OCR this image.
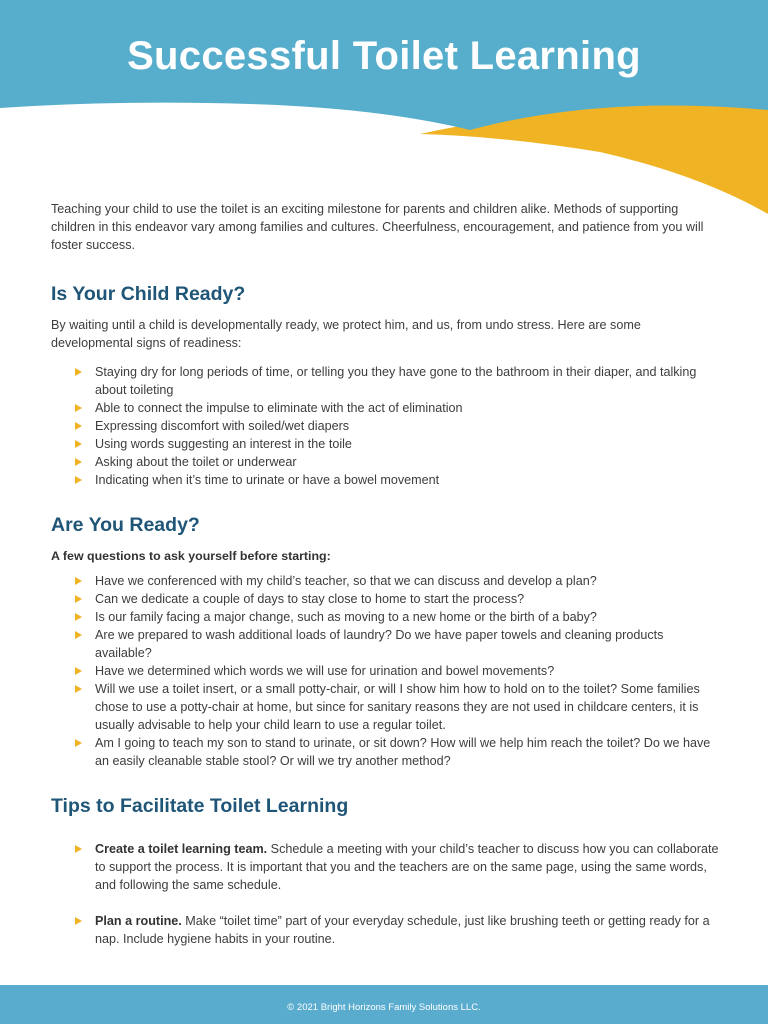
Successful Toilet Learning

Teaching your child to use the toilet is an exciting milestone for parents and children alike. Methods of supporting children in this endeavor vary among families and cultures. Cheerfulness, encouragement, and patience from you will foster success.

Is Your Child Ready?

By waiting until a child is developmentally ready, we protect him, and us, from undo stress. Here are some developmental signs of readiness:

Staying dry for long periods of time, or telling you they have gone to the bathroom in their diaper, and talking about toileting
Able to connect the impulse to eliminate with the act of elimination
Expressing discomfort with soiled/wet diapers
Using words suggesting an interest in the toile
Asking about the toilet or underwear
Indicating when it’s time to urinate or have a bowel movement
Are You Ready?

A few questions to ask yourself before starting:

Have we conferenced with my child’s teacher, so that we can discuss and develop a plan?
Can we dedicate a couple of days to stay close to home to start the process?
Is our family facing a major change, such as moving to a new home or the birth of a baby?
Are we prepared to wash additional loads of laundry? Do we have paper towels and cleaning products available?
Have we determined which words we will use for urination and bowel movements?
Will we use a toilet insert, or a small potty-chair, or will I show him how to hold on to the toilet? Some families chose to use a potty-chair at home, but since for sanitary reasons they are not used in childcare centers, it is usually advisable to help your child learn to use a regular toilet.
Am I going to teach my son to stand to urinate, or sit down? How will we help him reach the toilet? Do we have an easily cleanable stable stool? Or will we try another method?
Tips to Facilitate Toilet Learning
Create a toilet learning team. Schedule a meeting with your child’s teacher to discuss how you can collaborate to support the process. It is important that you and the teachers are on the same page, using the same words, and following the same schedule.
Plan a routine. Make “toilet time” part of your everyday schedule, just like brushing teeth or getting ready for a nap. Include hygiene habits in your routine.
© 2021 Bright Horizons Family Solutions LLC.
